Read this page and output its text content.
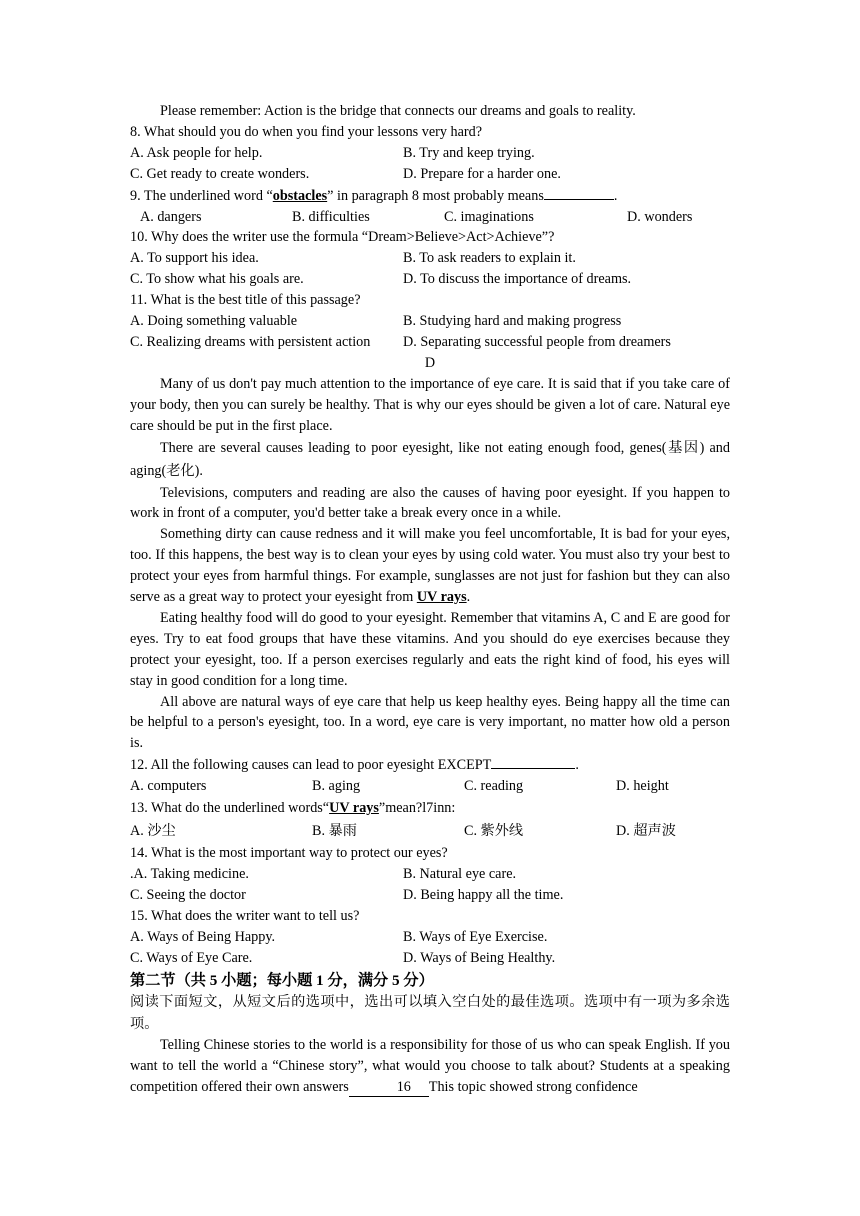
Please remember: Action is the bridge that connects our dreams and goals to reality.
8. What should you do when you find your lessons very hard?
A. Ask people for help.	B. Try and keep trying.
C. Get ready to create wonders.	D. Prepare for a harder one.
9. The underlined word “obstacles” in paragraph 8 most probably means	.
A. dangers	B. difficulties	C. imaginations	D. wonders
10. Why does the writer use the formula “Dream>Believe>Act>Achieve”?
A. To support his idea.	B. To ask readers to explain it.
C. To show what his goals are.	D. To discuss the importance of dreams.
11. What is the best title of this passage?
A. Doing something valuable	B. Studying hard and making progress
C. Realizing dreams with persistent action	D. Separating successful people from dreamers
D
Many of us don't pay much attention to the importance of eye care. It is said that if you take care of your body, then you can surely be healthy. That is why our eyes should be given a lot of care. Natural eye care should be put in the first place.
There are several causes leading to poor eyesight, like not eating enough food, genes(基因) and aging(老化).
Televisions, computers and reading are also the causes of having poor eyesight. If you happen to work in front of a computer, you'd better take a break every once in a while.
Something dirty can cause redness and it will make you feel uncomfortable, It is bad for your eyes, too. If this happens, the best way is to clean your eyes by using cold water. You must also try your best to protect your eyes from harmful things. For example, sunglasses are not just for fashion but they can also serve as a great way to protect your eyesight from UV rays.
Eating healthy food will do good to your eyesight. Remember that vitamins A, C and E are good for eyes. Try to eat food groups that have these vitamins. And you should do eye exercises because they protect your eyesight, too. If a person exercises regularly and eats the right kind of food, his eyes will stay in good condition for a long time.
All above are natural ways of eye care that help us keep healthy eyes. Being happy all the time can be helpful to a person's eyesight, too. In a word, eye care is very important, no matter how old a person is.
12. All the following causes can lead to poor eyesight EXCEPT	.
A. computers	B. aging	C. reading	D. height
13. What do the underlined words“UV rays”mean?l7inn:
A. 沙尘	B. 暴雨	C. 紫外线	D. 超声波
14. What is the most important way to protect our eyes?
.A. Taking medicine.	B. Natural eye care.
C. Seeing the doctor	D. Being happy all the time.
15. What does the writer want to tell us?
A. Ways of Being Happy.	B. Ways of Eye Exercise.
C. Ways of Eye Care.	D. Ways of Being Healthy.
第二节（共 5 小题；每小题 1 分，满分 5 分）
阅读下面短文，从短文后的选项中，选出可以填入空白处的最佳选项。选项中有一项为多余选项。
Telling Chinese stories to the world is a responsibility for those of us who can speak English. If you want to tell the world a “Chinese story”, what would you choose to talk about? Students at a speaking competition offered their own answers	16 This topic showed strong confidence
